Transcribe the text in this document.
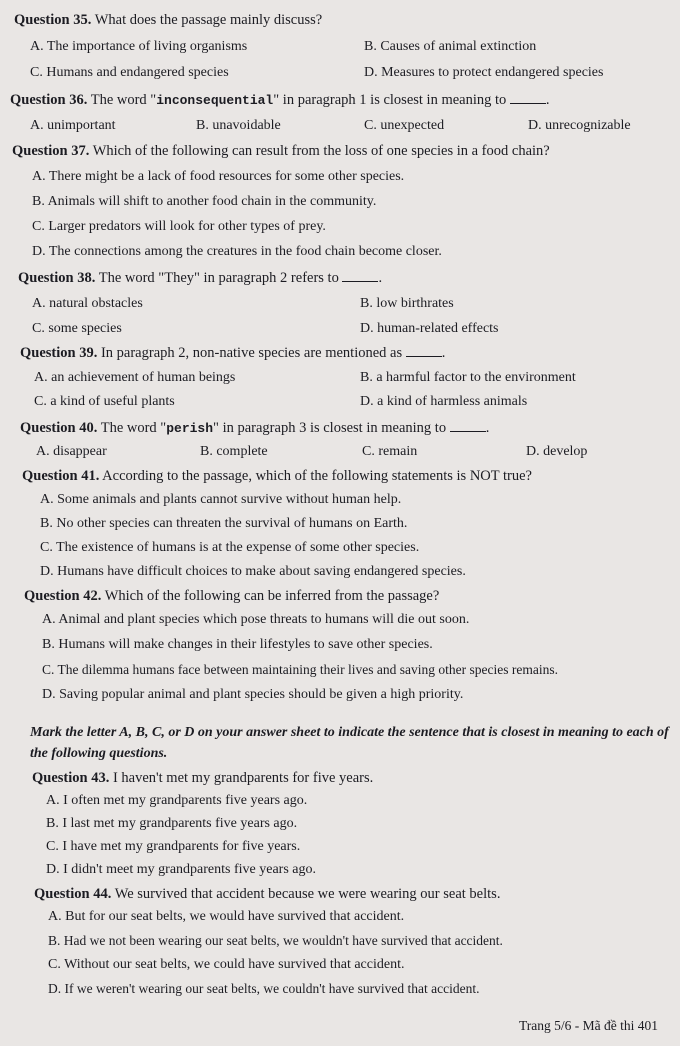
Question 35. What does the passage mainly discuss?
A. The importance of living organisms	B. Causes of animal extinction
C. Humans and endangered species	D. Measures to protect endangered species
Question 36. The word "inconsequential" in paragraph 1 is closest in meaning to .
A. unimportant	B. unavoidable	C. unexpected	D. unrecognizable
Question 37. Which of the following can result from the loss of one species in a food chain?
A. There might be a lack of food resources for some other species.
B. Animals will shift to another food chain in the community.
C. Larger predators will look for other types of prey.
D. The connections among the creatures in the food chain become closer.
Question 38. The word "They" in paragraph 2 refers to .
A. natural obstacles	B. low birthrates
C. some species	D. human-related effects
Question 39. In paragraph 2, non-native species are mentioned as .
A. an achievement of human beings	B. a harmful factor to the environment
C. a kind of useful plants	D. a kind of harmless animals
Question 40. The word "perish" in paragraph 3 is closest in meaning to .
A. disappear	B. complete	C. remain	D. develop
Question 41. According to the passage, which of the following statements is NOT true?
A. Some animals and plants cannot survive without human help.
B. No other species can threaten the survival of humans on Earth.
C. The existence of humans is at the expense of some other species.
D. Humans have difficult choices to make about saving endangered species.
Question 42. Which of the following can be inferred from the passage?
A. Animal and plant species which pose threats to humans will die out soon.
B. Humans will make changes in their lifestyles to save other species.
C. The dilemma humans face between maintaining their lives and saving other species remains.
D. Saving popular animal and plant species should be given a high priority.
Mark the letter A, B, C, or D on your answer sheet to indicate the sentence that is closest in meaning to each of the following questions.
Question 43. I haven't met my grandparents for five years.
A. I often met my grandparents five years ago.
B. I last met my grandparents five years ago.
C. I have met my grandparents for five years.
D. I didn't meet my grandparents five years ago.
Question 44. We survived that accident because we were wearing our seat belts.
A. But for our seat belts, we would have survived that accident.
B. Had we not been wearing our seat belts, we wouldn't have survived that accident.
C. Without our seat belts, we could have survived that accident.
D. If we weren't wearing our seat belts, we couldn't have survived that accident.
Trang 5/6 - Mã đề thi 401
